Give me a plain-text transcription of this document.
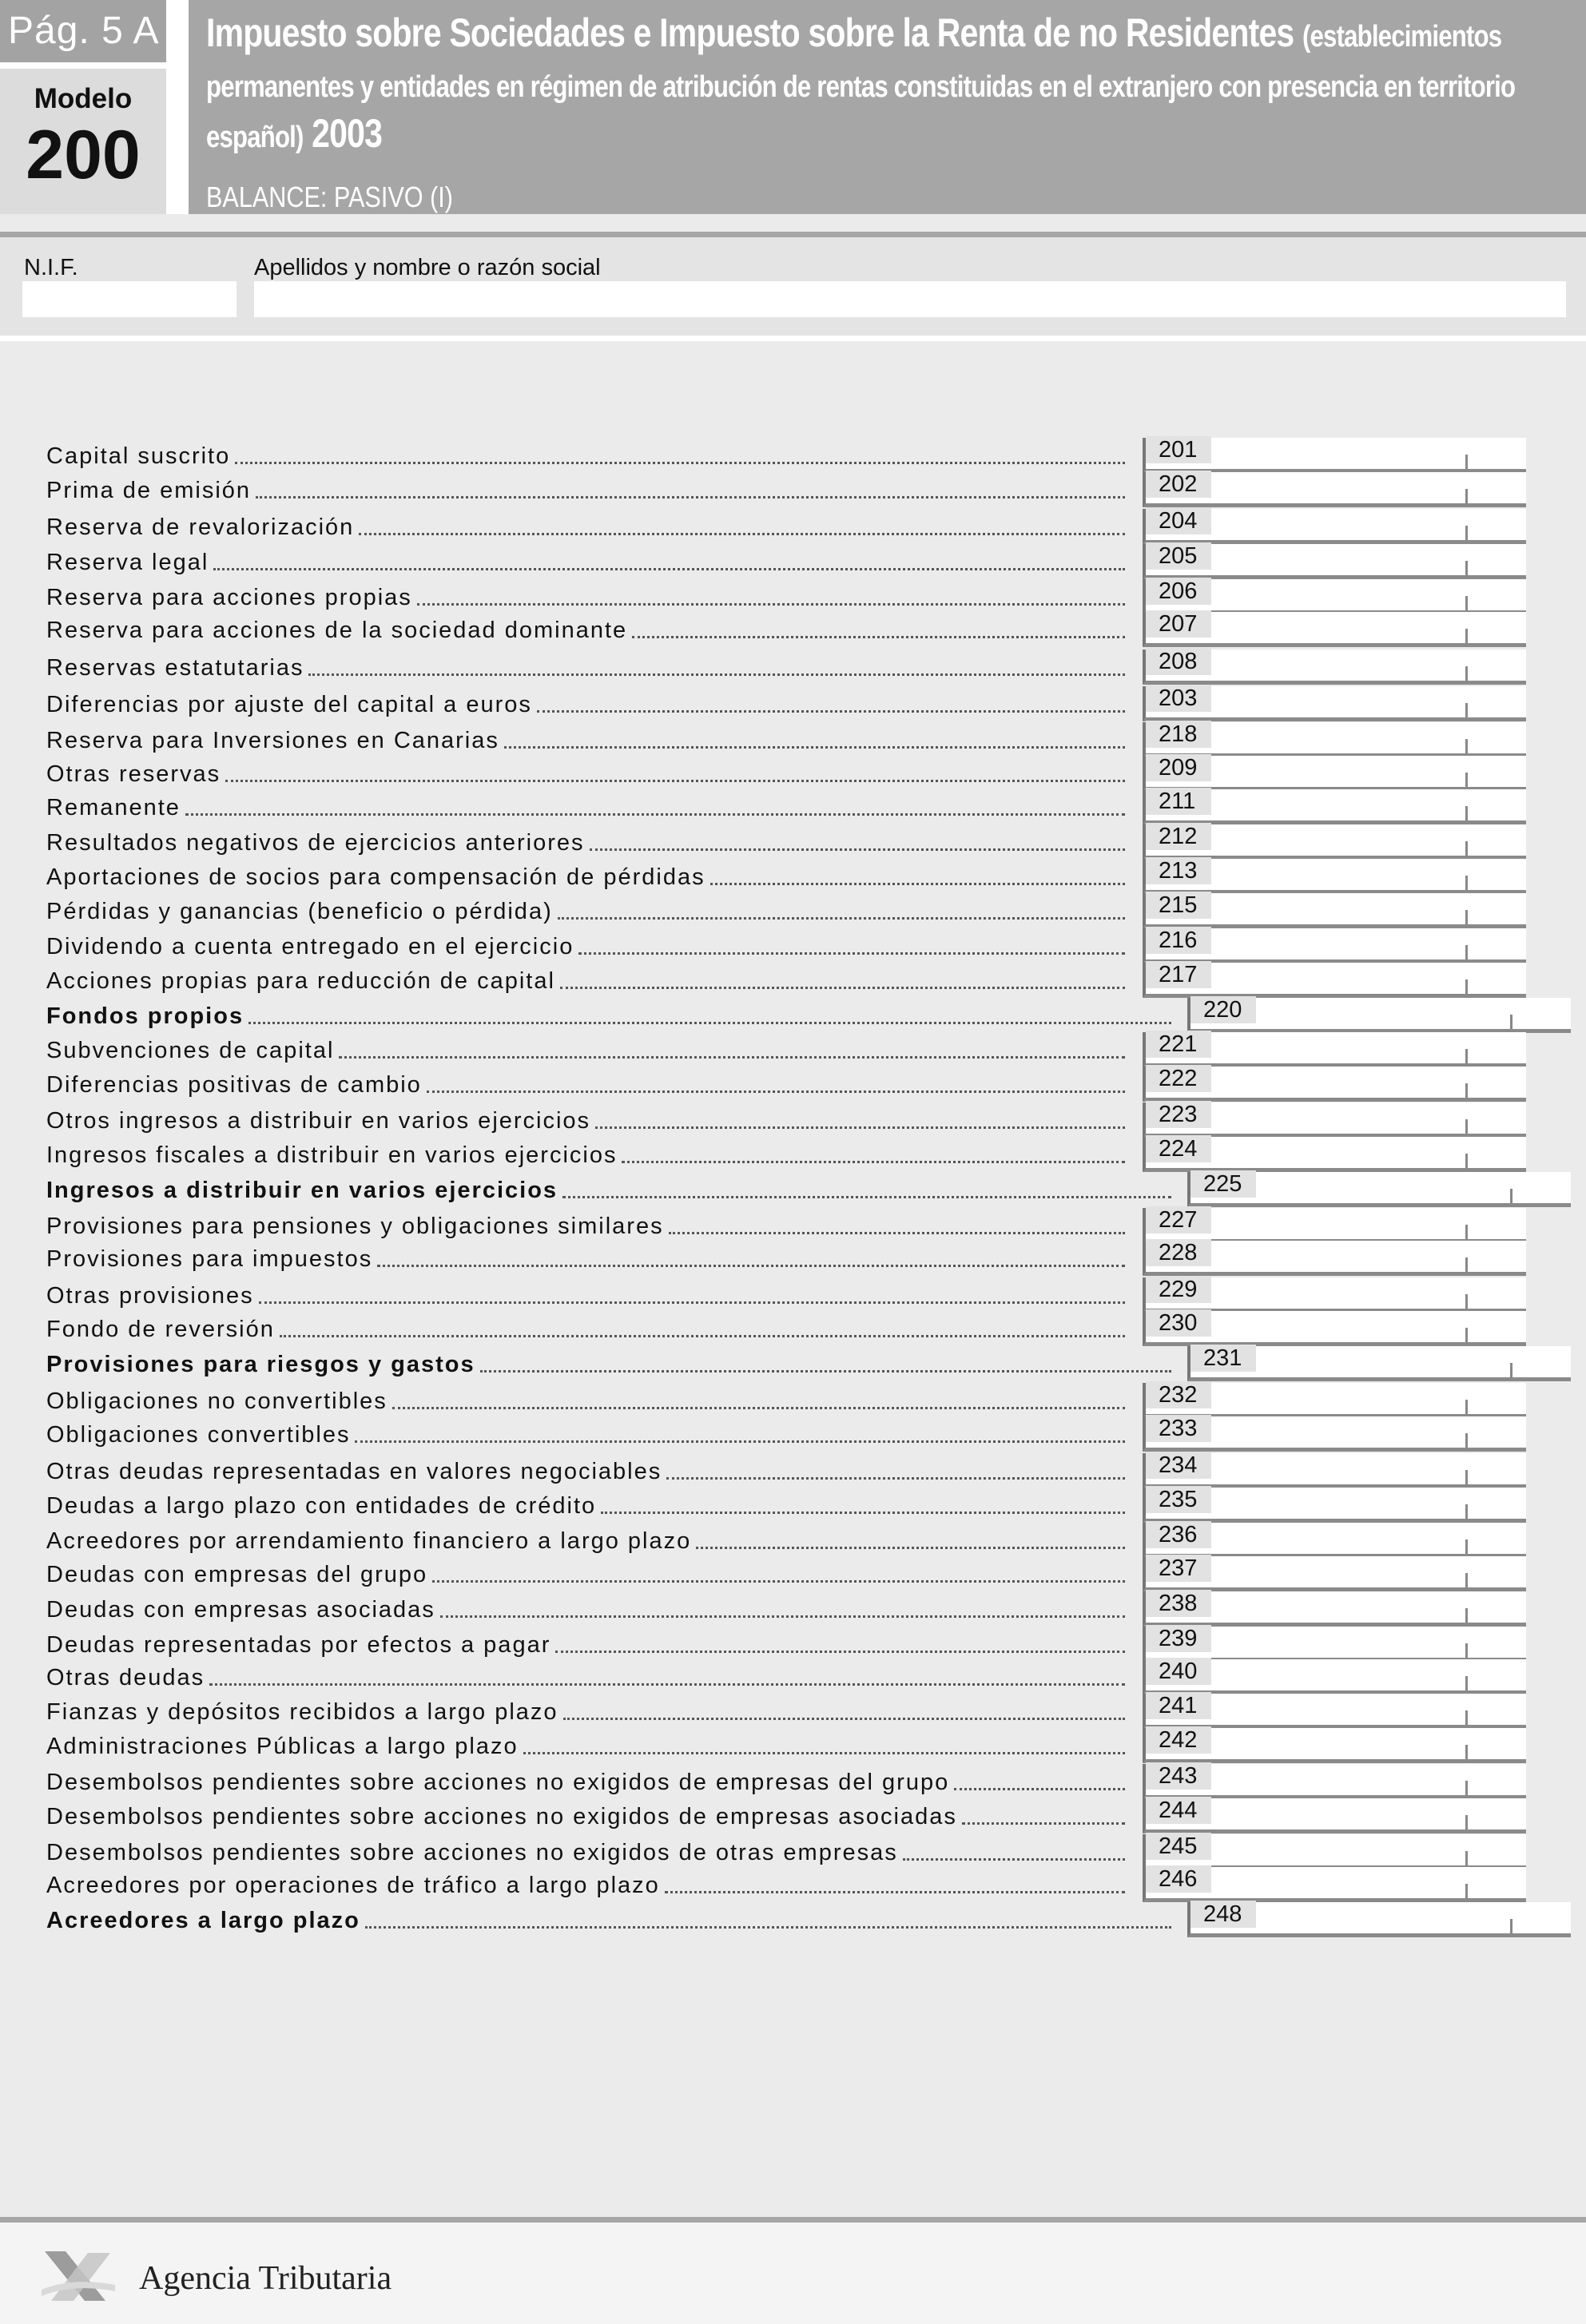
Pág. 5 A
Modelo
200
Impuesto sobre Sociedades e Impuesto sobre la Renta de no Residentes (establecimientos permanentes y entidades en régimen de atribución de rentas constituidas en el extranjero con presencia en territorio español) 2003
BALANCE: PASIVO (I)
N.I.F.	Apellidos y nombre o razón social
Capital suscrito	201
Prima de emisión	202
Reserva de revalorización	204
Reserva legal	205
Reserva para acciones propias	206
Reserva para acciones de la sociedad dominante	207
Reservas estatutarias	208
Diferencias por ajuste del capital a euros	203
Reserva para Inversiones en Canarias	218
Otras reservas	209
Remanente	211
Resultados negativos de ejercicios anteriores	212
Aportaciones de socios para compensación de pérdidas	213
Pérdidas y ganancias (beneficio o pérdida)	215
Dividendo a cuenta entregado en el ejercicio	216
Acciones propias para reducción de capital	217
Fondos propios	220
Subvenciones de capital	221
Diferencias positivas de cambio	222
Otros ingresos a distribuir en varios ejercicios	223
Ingresos fiscales a distribuir en varios ejercicios	224
Ingresos a distribuir en varios ejercicios	225
Provisiones para pensiones y obligaciones similares	227
Provisiones para impuestos	228
Otras provisiones	229
Fondo de reversión	230
Provisiones para riesgos y gastos	231
Obligaciones no convertibles	232
Obligaciones convertibles	233
Otras deudas representadas en valores negociables	234
Deudas a largo plazo con entidades de crédito	235
Acreedores por arrendamiento financiero a largo plazo	236
Deudas con empresas del grupo	237
Deudas con empresas asociadas	238
Deudas representadas por efectos a pagar	239
Otras deudas	240
Fianzas y depósitos recibidos a largo plazo	241
Administraciones Públicas a largo plazo	242
Desembolsos pendientes sobre acciones no exigidos de empresas del grupo	243
Desembolsos pendientes sobre acciones no exigidos de empresas asociadas	244
Desembolsos pendientes sobre acciones no exigidos de otras empresas	245
Acreedores por operaciones de tráfico a largo plazo	246
Acreedores a largo plazo	248
Agencia Tributaria
